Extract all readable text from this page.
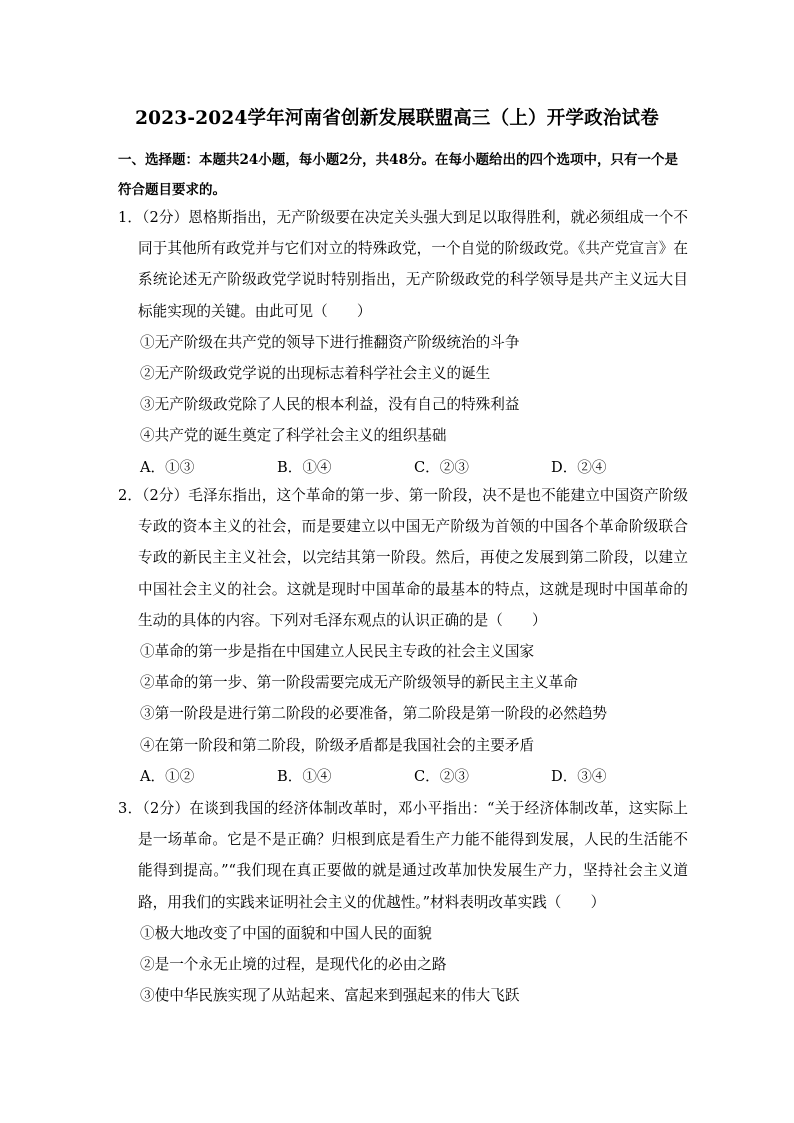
2023-2024学年河南省创新发展联盟高三（上）开学政治试卷
一、选择题：本题共24小题，每小题2分，共48分。在每小题给出的四个选项中，只有一个是符合题目要求的。
1．（2分）恩格斯指出，无产阶级要在决定关头强大到足以取得胜利，就必须组成一个不同于其他所有政党并与它们对立的特殊政党，一个自觉的阶级政党。《共产党宣言》在系统论述无产阶级政党学说时特别指出，无产阶级政党的科学领导是共产主义远大目标能实现的关键。由此可见（　　）
①无产阶级在共产党的领导下进行推翻资产阶级统治的斗争
②无产阶级政党学说的出现标志着科学社会主义的诞生
③无产阶级政党除了人民的根本利益，没有自己的特殊利益
④共产党的诞生奠定了科学社会主义的组织基础
A．①③	B．①④	C．②③	D．②④
2．（2分）毛泽东指出，这个革命的第一步、第一阶段，决不是也不能建立中国资产阶级专政的资本主义的社会，而是要建立以中国无产阶级为首领的中国各个革命阶级联合专政的新民主主义社会，以完结其第一阶段。然后，再使之发展到第二阶段，以建立中国社会主义的社会。这就是现时中国革命的最基本的特点，这就是现时中国革命的生动的具体的内容。下列对毛泽东观点的认识正确的是（　　）
①革命的第一步是指在中国建立人民民主专政的社会主义国家
②革命的第一步、第一阶段需要完成无产阶级领导的新民主主义革命
③第一阶段是进行第二阶段的必要准备，第二阶段是第一阶段的必然趋势
④在第一阶段和第二阶段，阶级矛盾都是我国社会的主要矛盾
A．①②	B．①④	C．②③	D．③④
3．（2分）在谈到我国的经济体制改革时，邓小平指出：“关于经济体制改革，这实际上是一场革命。它是不是正确？归根到底是看生产力能不能得到发展，人民的生活能不能得到提高。”“我们现在真正要做的就是通过改革加快发展生产力，坚持社会主义道路，用我们的实践来证明社会主义的优越性。”材料表明改革实践（　　）
①极大地改变了中国的面貌和中国人民的面貌
②是一个永无止境的过程，是现代化的必由之路
③使中华民族实现了从站起来、富起来到强起来的伟大飞跃
